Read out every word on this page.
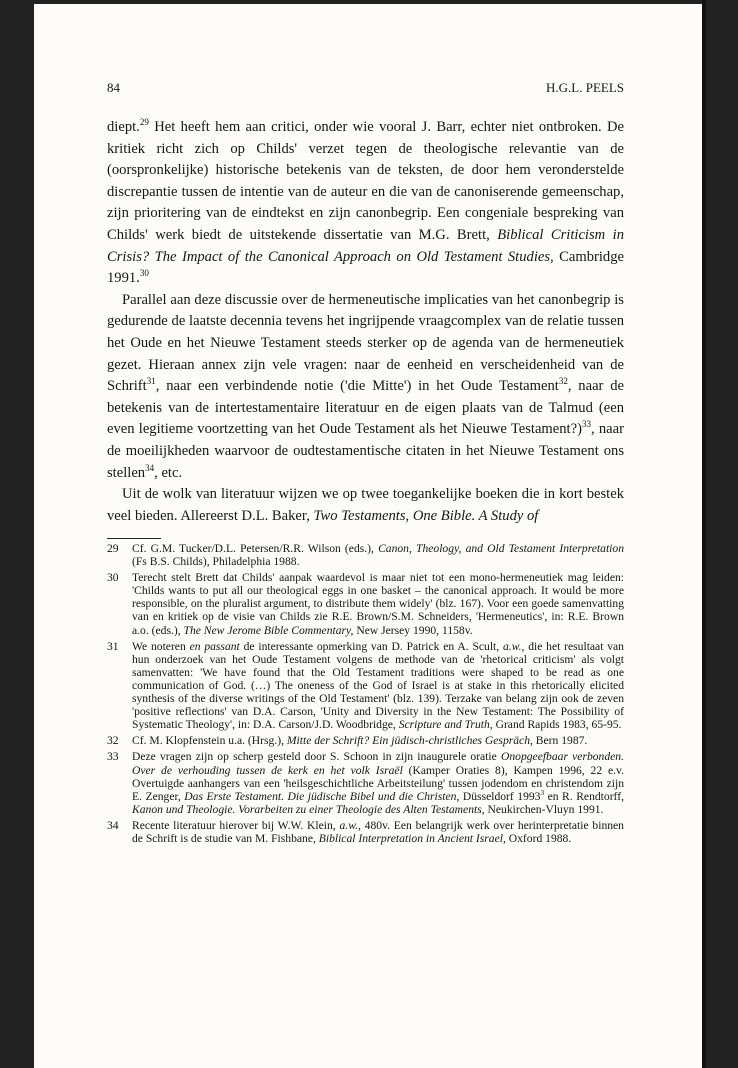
84	H.G.L. PEELS

diept.$^{29}$ Het heeft hem aan critici, onder wie vooral J. Barr, echter niet ontbroken. De kritiek richt zich op Childs' verzet tegen de theologische relevantie van de (oorspronkelijke) historische betekenis van de teksten, de door hem veronderstelde discrepantie tussen de intentie van de auteur en die van de canoniserende gemeenschap, zijn prioritering van de eindtekst en zijn canonbegrip. Een congeniale bespreking van Childs' werk biedt de uitstekende dissertatie van M.G. Brett, Biblical Criticism in Crisis? The Impact of the Canonical Approach on Old Testament Studies, Cambridge 1991.30

Parallel aan deze discussie over de hermeneutische implicaties van het canonbegrip is gedurende de laatste decennia tevens het ingrijpende vraagcomplex van de relatie tussen het Oude en het Nieuwe Testament steeds sterker op de agenda van de hermeneutiek gezet. Hieraan annex zijn vele vragen: naar de eenheid en verscheidenheid van de Schrift$^{31}$, naar een verbindende notie ('die Mitte') in het Oude Testament$^{32}$, naar de betekenis van de intertestamentaire literatuur en de eigen plaats van de Talmud (een even legitieme voortzetting van het Oude Testament als het Nieuwe Testament?)$^{33}$, naar de moeilijkheden waarvoor de oudtestamentische citaten in het Nieuwe Testament ons stellen$^{34}$, etc.

Uit de wolk van literatuur wijzen we op twee toegankelijke boeken die in kort bestek veel bieden. Allereerst D.L. Baker, Two Testaments, One Bible. A Study of

29	Cf. G.M. Tucker/D.L. Petersen/R.R. Wilson (eds.), Canon, Theology, and Old Testament Interpretation (Fs B.S. Childs), Philadelphia 1988.
30	Terecht stelt Brett dat Childs' aanpak waardevol is maar niet tot een mono-hermeneutiek mag leiden: 'Childs wants to put all our theological eggs in one basket – the canonical approach. It would be more responsible, on the pluralist argument, to distribute them widely' (blz. 167). Voor een goede samenvatting van en kritiek op de visie van Childs zie R.E. Brown/S.M. Schneiders, 'Hermeneutics', in: R.E. Brown a.o. (eds.), The New Jerome Bible Commentary, New Jersey 1990, 1158v.
31	We noteren en passant de interessante opmerking van D. Patrick en A. Scult, a.w., die het resultaat van hun onderzoek van het Oude Testament volgens de methode van de 'rhetorical criticism' als volgt samenvatten: 'We have found that the Old Testament traditions were shaped to be read as one communication of God. (…) The oneness of the God of Israel is at stake in this rhetorically elicited synthesis of the diverse writings of the Old Testament' (blz. 139). Terzake van belang zijn ook de zeven 'positive reflections' van D.A. Carson, 'Unity and Diversity in the New Testament: The Possibility of Systematic Theology', in: D.A. Carson/J.D. Woodbridge, Scripture and Truth, Grand Rapids 1983, 65-95.
32	Cf. M. Klopfenstein u.a. (Hrsg.), Mitte der Schrift? Ein jüdisch-christliches Gespräch, Bern 1987.
33	Deze vragen zijn op scherp gesteld door S. Schoon in zijn inaugurele oratie Onopgeefbaar verbonden. Over de verhouding tussen de kerk en het volk Israël (Kamper Oraties 8), Kampen 1996, 22 e.v. Overtuigde aanhangers van een 'heilsgeschichtliche Arbeitsteilung' tussen jodendom en christendom zijn E. Zenger, Das Erste Testament. Die jüdische Bibel und die Christen, Düsseldorf 1993$^3$ en R. Rendtorff, Kanon und Theologie. Vorarbeiten zu einer Theologie des Alten Testaments, Neukirchen-Vluyn 1991.
34	Recente literatuur hierover bij W.W. Klein, a.w., 480v. Een belangrijk werk over herinterpretatie binnen de Schrift is de studie van M. Fishbane, Biblical Interpretation in Ancient Israel, Oxford 1988.
